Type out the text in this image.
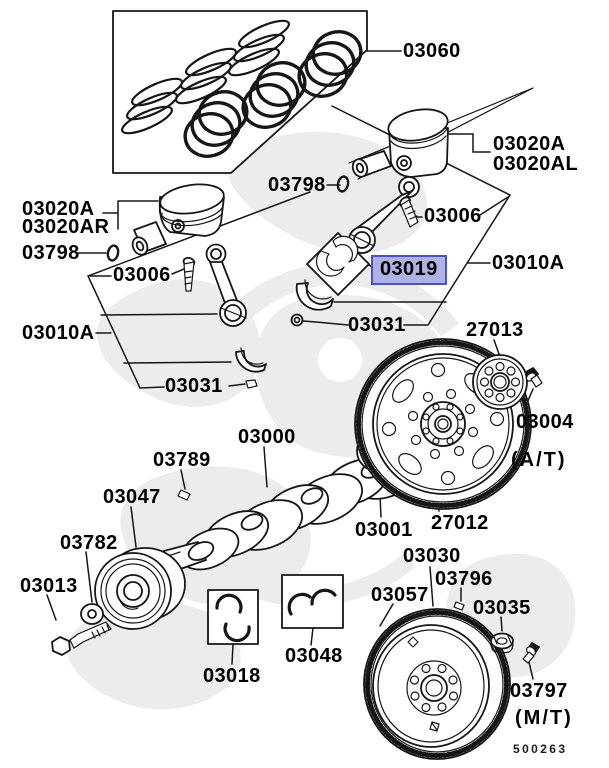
03060
03020A
03020AL
03798
03006
03020A
03020AR
03798
03006	03019	03010A
03031	27013
03010A
03031
03004
(A/T)
03000
03789
27012
03047
03001
03782
03030
03013	03796
03057
03035
03018
03048
03797
(M/T)
500263
